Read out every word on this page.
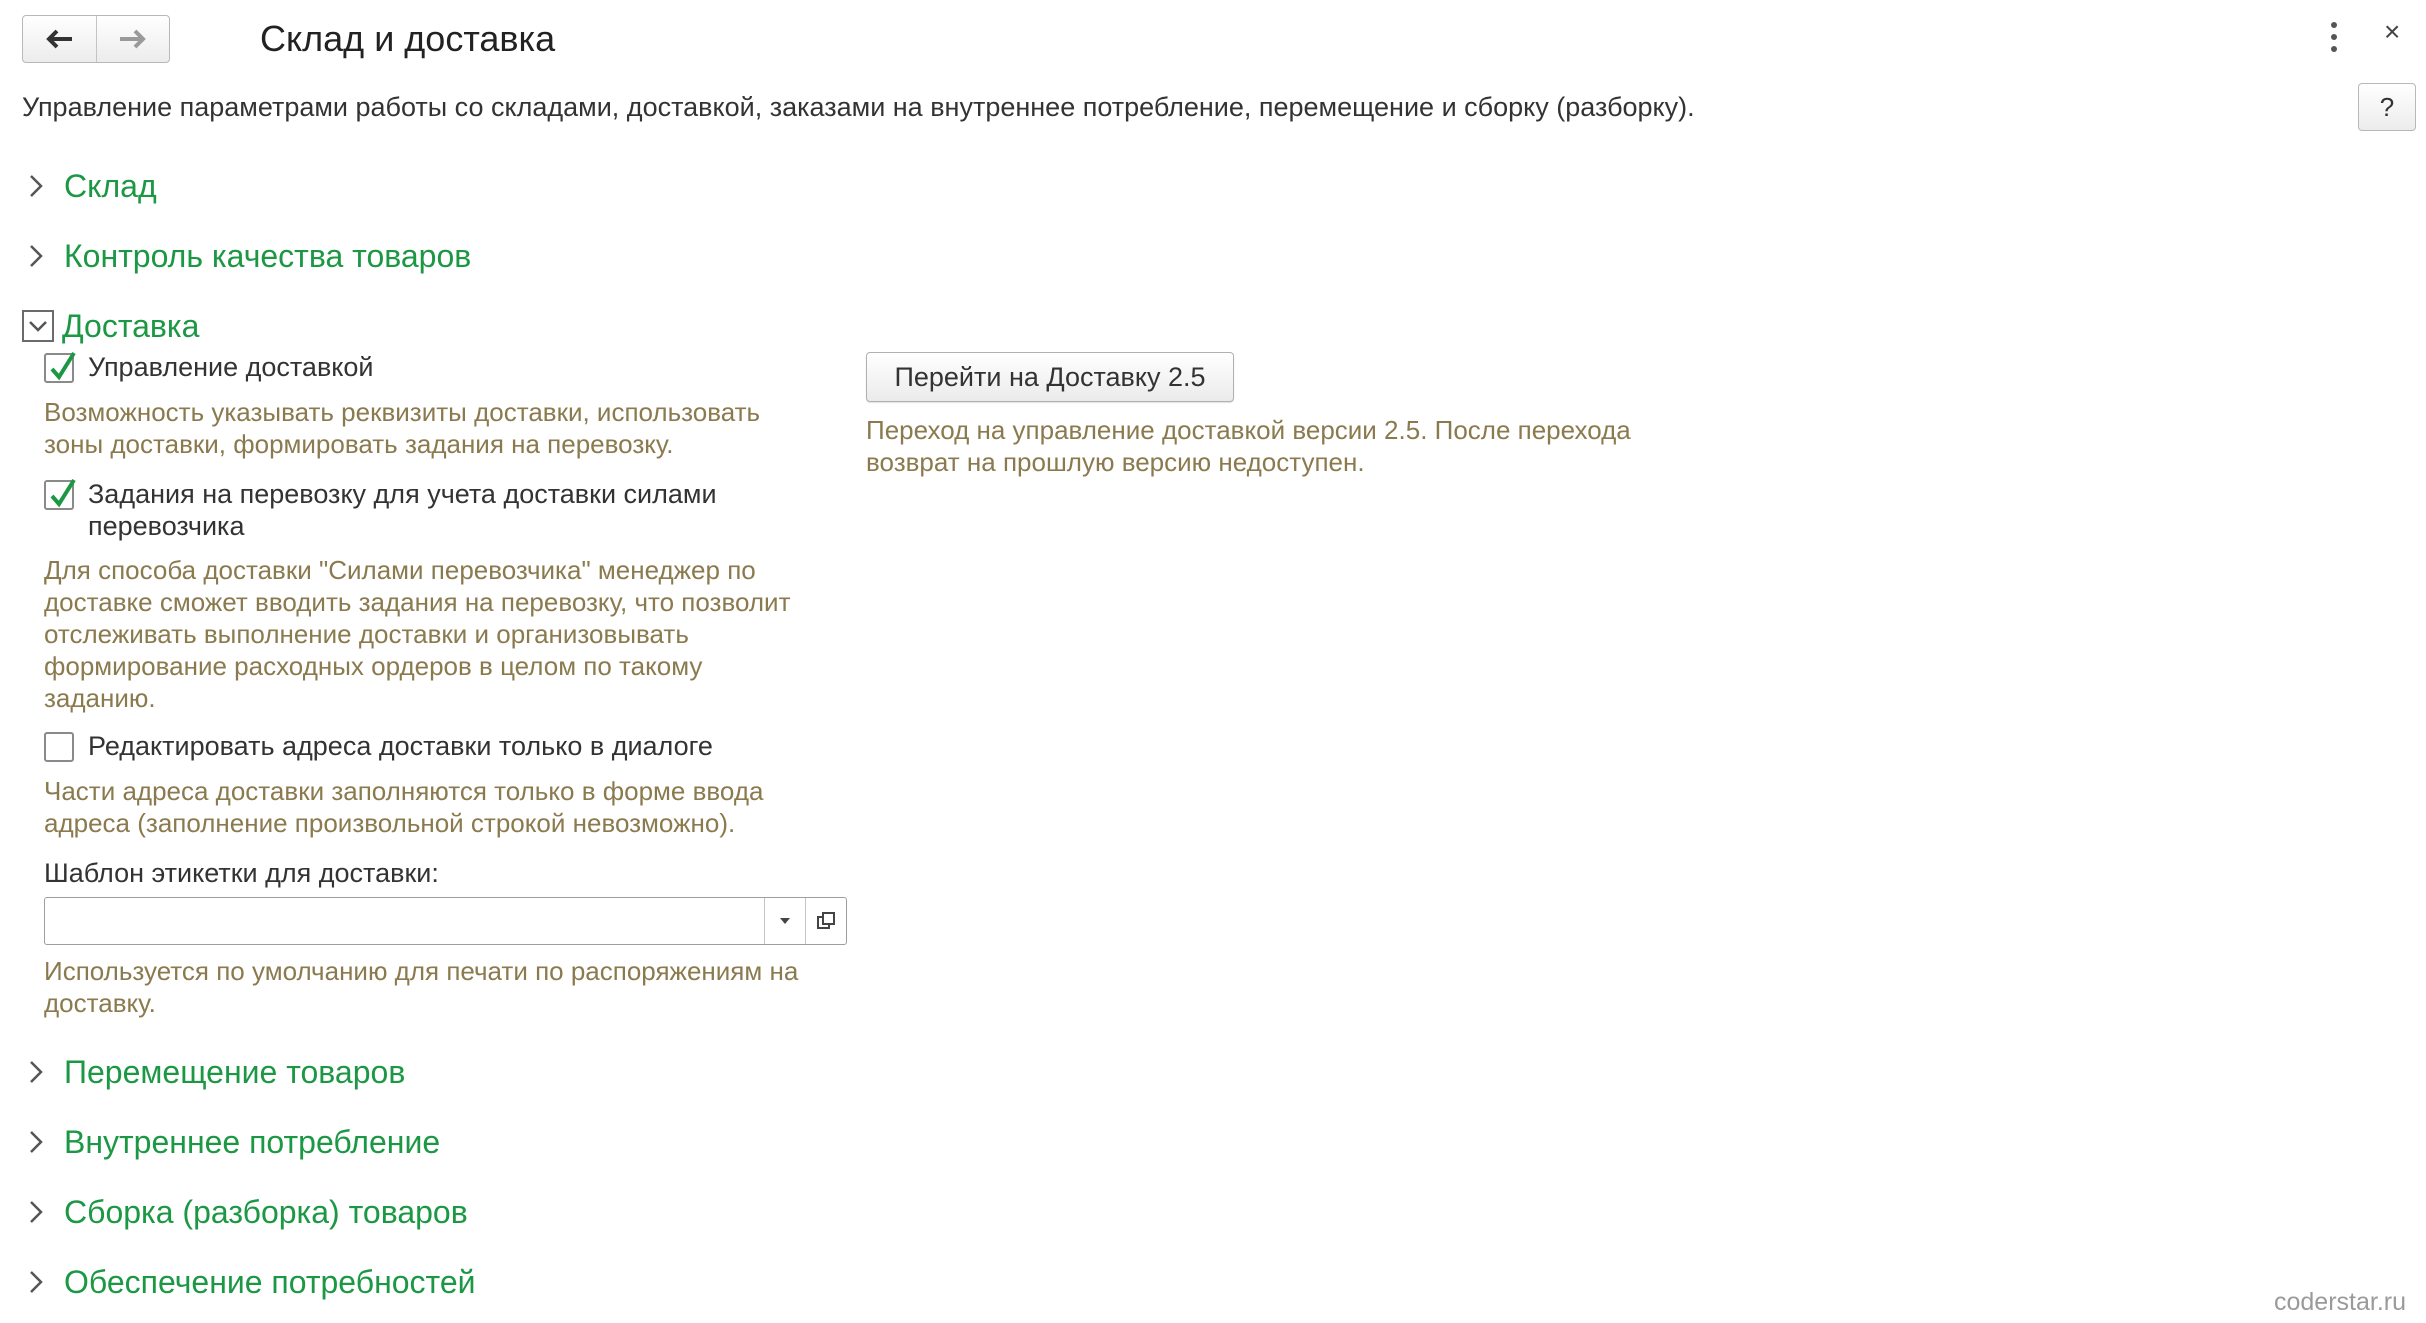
Склад и доставка	×
Управление параметрами работы со складами, доставкой, заказами на внутреннее потребление, перемещение и сборку (разборку).	?
Склад
Контроль качества товаров
Доставка
Управление доставкой
Возможность указывать реквизиты доставки, использовать
зоны доставки, формировать задания на перевозку.
Задания на перевозку для учета доставки силами
перевозчика
Для способа доставки "Силами перевозчика" менеджер по
доставке сможет вводить задания на перевозку, что позволит
отслеживать выполнение доставки и организовывать
формирование расходных ордеров в целом по такому
заданию.
Редактировать адреса доставки только в диалоге
Части адреса доставки заполняются только в форме ввода
адреса (заполнение произвольной строкой невозможно).
Шаблон этикетки для доставки:
Используется по умолчанию для печати по распоряжениям на
доставку.
Перейти на Доставку 2.5
Переход на управление доставкой версии 2.5. После перехода
возврат на прошлую версию недоступен.
Перемещение товаров
Внутреннее потребление
Сборка (разборка) товаров
Обеспечение потребностей
coderstar.ru
